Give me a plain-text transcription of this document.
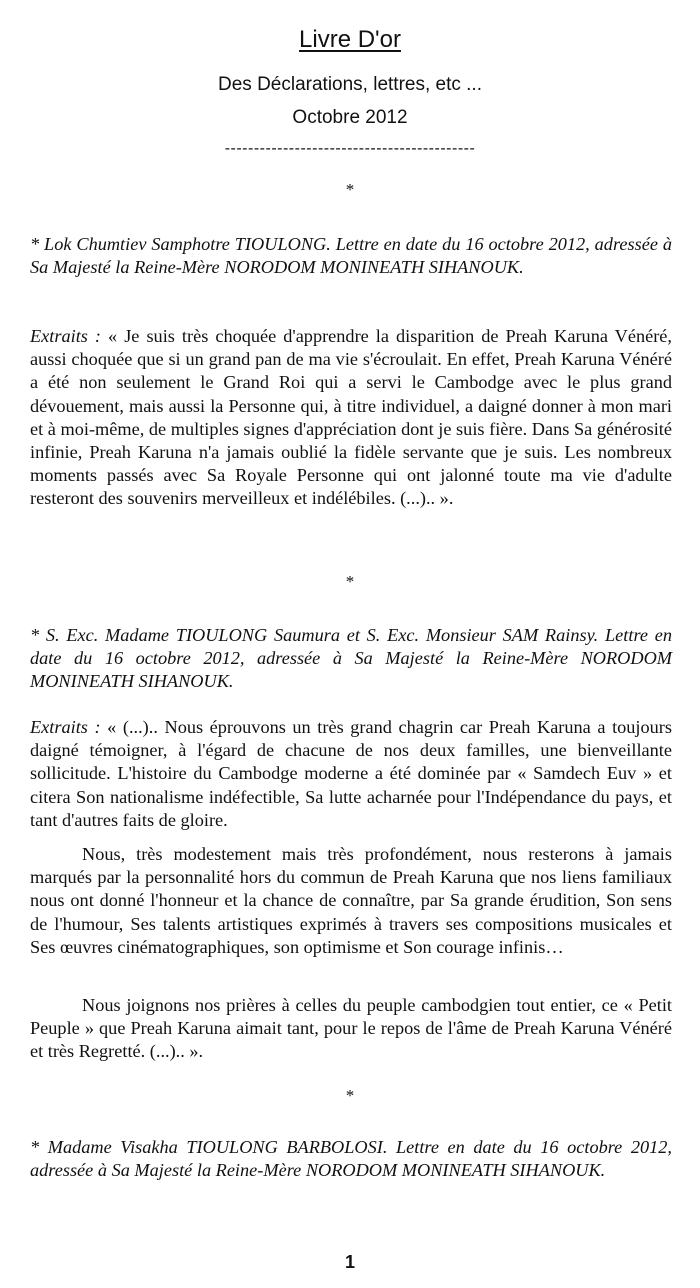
Livre D'or
Des Déclarations, lettres, etc ...
Octobre 2012
-------------------------------------------
*

* Lok Chumtiev Samphotre TIOULONG. Lettre en date du 16 octobre 2012, adressée à Sa Majesté la Reine-Mère NORODOM MONINEATH SIHANOUK.

Extraits : « Je suis très choquée d'apprendre la disparition de Preah Karuna Vénéré, aussi choquée que si un grand pan de ma vie s'écroulait. En effet, Preah Karuna Vénéré a été non seulement le Grand Roi qui a servi le Cambodge avec le plus grand dévouement, mais aussi la Personne qui, à titre individuel, a daigné donner à mon mari et à moi-même, de multiples signes d'appréciation dont je suis fière. Dans Sa générosité infinie, Preah Karuna n'a jamais oublié la fidèle servante que je suis. Les nombreux moments passés avec Sa Royale Personne qui ont jalonné toute ma vie d'adulte resteront des souvenirs merveilleux et indélébiles. (...).. ».

*

* S. Exc. Madame TIOULONG Saumura et S. Exc. Monsieur SAM Rainsy. Lettre en date du 16 octobre 2012, adressée à Sa Majesté la Reine-Mère NORODOM MONINEATH SIHANOUK.

Extraits : « (...).. Nous éprouvons un très grand chagrin car Preah Karuna a toujours daigné témoigner, à l'égard de chacune de nos deux familles, une bienveillante sollicitude. L'histoire du Cambodge moderne a été dominée par « Samdech Euv » et citera Son nationalisme indéfectible, Sa lutte acharnée pour l'Indépendance du pays, et tant d'autres faits de gloire.

Nous, très modestement mais très profondément, nous resterons à jamais marqués par la personnalité hors du commun de Preah Karuna que nos liens familiaux nous ont donné l'honneur et la chance de connaître, par Sa grande érudition, Son sens de l'humour, Ses talents artistiques exprimés à travers ses compositions musicales et Ses œuvres cinématographiques, son optimisme et Son courage infinis…

Nous joignons nos prières à celles du peuple cambodgien tout entier, ce « Petit Peuple » que Preah Karuna aimait tant, pour le repos de l'âme de Preah Karuna Vénéré et très Regretté. (...).. ».

*

* Madame Visakha TIOULONG BARBOLOSI. Lettre en date du 16 octobre 2012, adressée à Sa Majesté la Reine-Mère NORODOM MONINEATH SIHANOUK.

1
